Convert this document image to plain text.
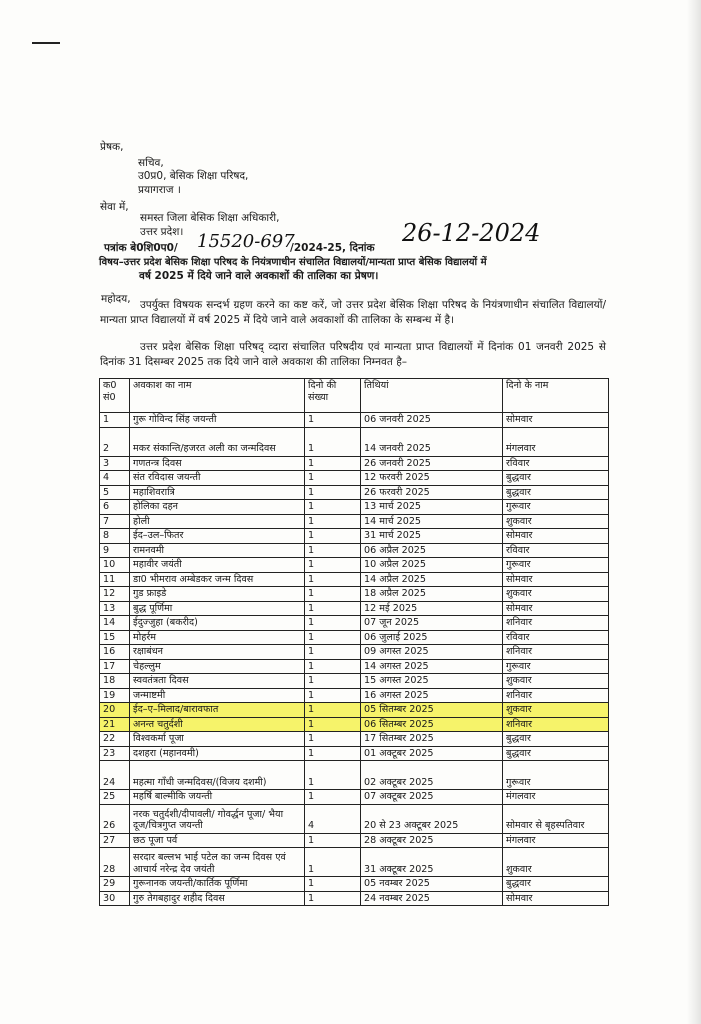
प्रेषक,
सचिव,
उ0प्र0, बेसिक शिक्षा परिषद,
प्रयागराज ।
सेवा में,
समस्त जिला बेसिक शिक्षा अधिकारी,
उत्तर प्रदेश।
पत्रांक बे0शि0प0/ 15520-697
/2024-25, दिनांक
26-12-2024
विषय–उत्तर प्रदेश बेसिक शिक्षा परिषद के नियंत्रणाधीन संचालित विद्यालयों/मान्यता प्राप्त बेसिक विद्यालयों में
वर्ष 2025 में दिये जाने वाले अवकाशों की तालिका का प्रेषण।
महोदय, उपर्युक्त विषयक सन्दर्भ ग्रहण करने का कष्ट करें, जो उत्तर प्रदेश बेसिक शिक्षा परिषद के नियंत्रणाधीन संचालित विद्यालयों/मान्यता प्राप्त विद्यालयों में वर्ष 2025 में दिये जाने वाले अवकाशों की तालिका के सम्बन्ध में है।
उत्तर प्रदेश बेसिक शिक्षा परिषद् व्दारा संचालित परिषदीय एवं मान्यता प्राप्त विद्यालयों में दिनांक 01 जनवरी 2025 से दिनांक 31 दिसम्बर 2025 तक दिये जाने वाले अवकाश की तालिका निम्नवत है–
क0 सं0	अवकाश का नाम	दिनो की संख्या	तिथियां	दिनो के नाम
1	गुरू गोविन्द सिंह जयन्ती	1	06 जनवरी 2025	सोमवार
2	मकर संकान्ति/हजरत अली का जन्मदिवस	1	14 जनवरी 2025	मंगलवार
3	गणतन्त्र दिवस	1	26 जनवरी 2025	रविवार
4	संत रविदास जयन्ती	1	12 फरवरी 2025	बुद्धवार
5	महाशिवरात्रि	1	26 फरवरी 2025	बुद्धवार
6	होलिका दहन	1	13 मार्च 2025	गुरूवार
7	होली	1	14 मार्च 2025	शुकवार
8	ईद–उल–फितर	1	31 मार्च 2025	सोमवार
9	रामनवमी	1	06 अप्रैल 2025	रविवार
10	महावीर जयंती	1	10 अप्रैल 2025	गुरूवार
11	डा0 भीमराव अम्बेडकर जन्म दिवस	1	14 अप्रैल 2025	सोमवार
12	गुड फ्राइडे	1	18 अप्रैल 2025	शुकवार
13	बुद्ध पूर्णिमा	1	12 मई 2025	सोमवार
14	ईदुज्जुहा (बकरीद)	1	07 जून 2025	शनिवार
15	मोहर्रम	1	06 जुलाई 2025	रविवार
16	रक्षाबंधन	1	09 अगस्त 2025	शनिवार
17	चेहल्लुम	1	14 अगस्त 2025	गुरूवार
18	स्ववतंत्रता दिवस	1	15 अगस्त 2025	शुकवार
19	जन्माष्टमी	1	16 अगस्त 2025	शनिवार
20	ईद–ए–मिलाद/बारावफात	1	05 सितम्बर 2025	शुकवार
21	अनन्त चतुर्दशी	1	06 सितम्बर 2025	शनिवार
22	विश्वकर्मा पूजा	1	17 सितम्बर 2025	बुद्धवार
23	दशहरा (महानवमी)	1	01 अक्टूबर 2025	बुद्धवार
24	महत्मा गाँधी जन्मदिवस/(विजय दशमी)	1	02 अक्टूबर 2025	गुरूवार
25	महर्षि बाल्मीकि जयन्ती	1	07 अक्टूबर 2025	मंगलवार
26	नरक चतुर्दशी/दीपावली/ गोवर्द्धन पूजा/ भैया दूज/चित्रगुप्त जयन्ती	4	20 से 23 अक्टूबर 2025	सोमवार से बृहस्पतिवार
27	छठ पूजा पर्व	1	28 अक्टूबर 2025	मंगलवार
28	सरदार बल्लभ भाई पटेल का जन्म दिवस एवं आचार्य नरेन्द्र देव जयंती	1	31 अक्टूबर 2025	शुकवार
29	गुरूनानक जयन्ती/कार्तिक पूर्णिमा	1	05 नवम्बर 2025	बुद्धवार
30	गुरु तेगबहादुर शहीद दिवस	1	24 नवम्बर 2025	सोमवार
